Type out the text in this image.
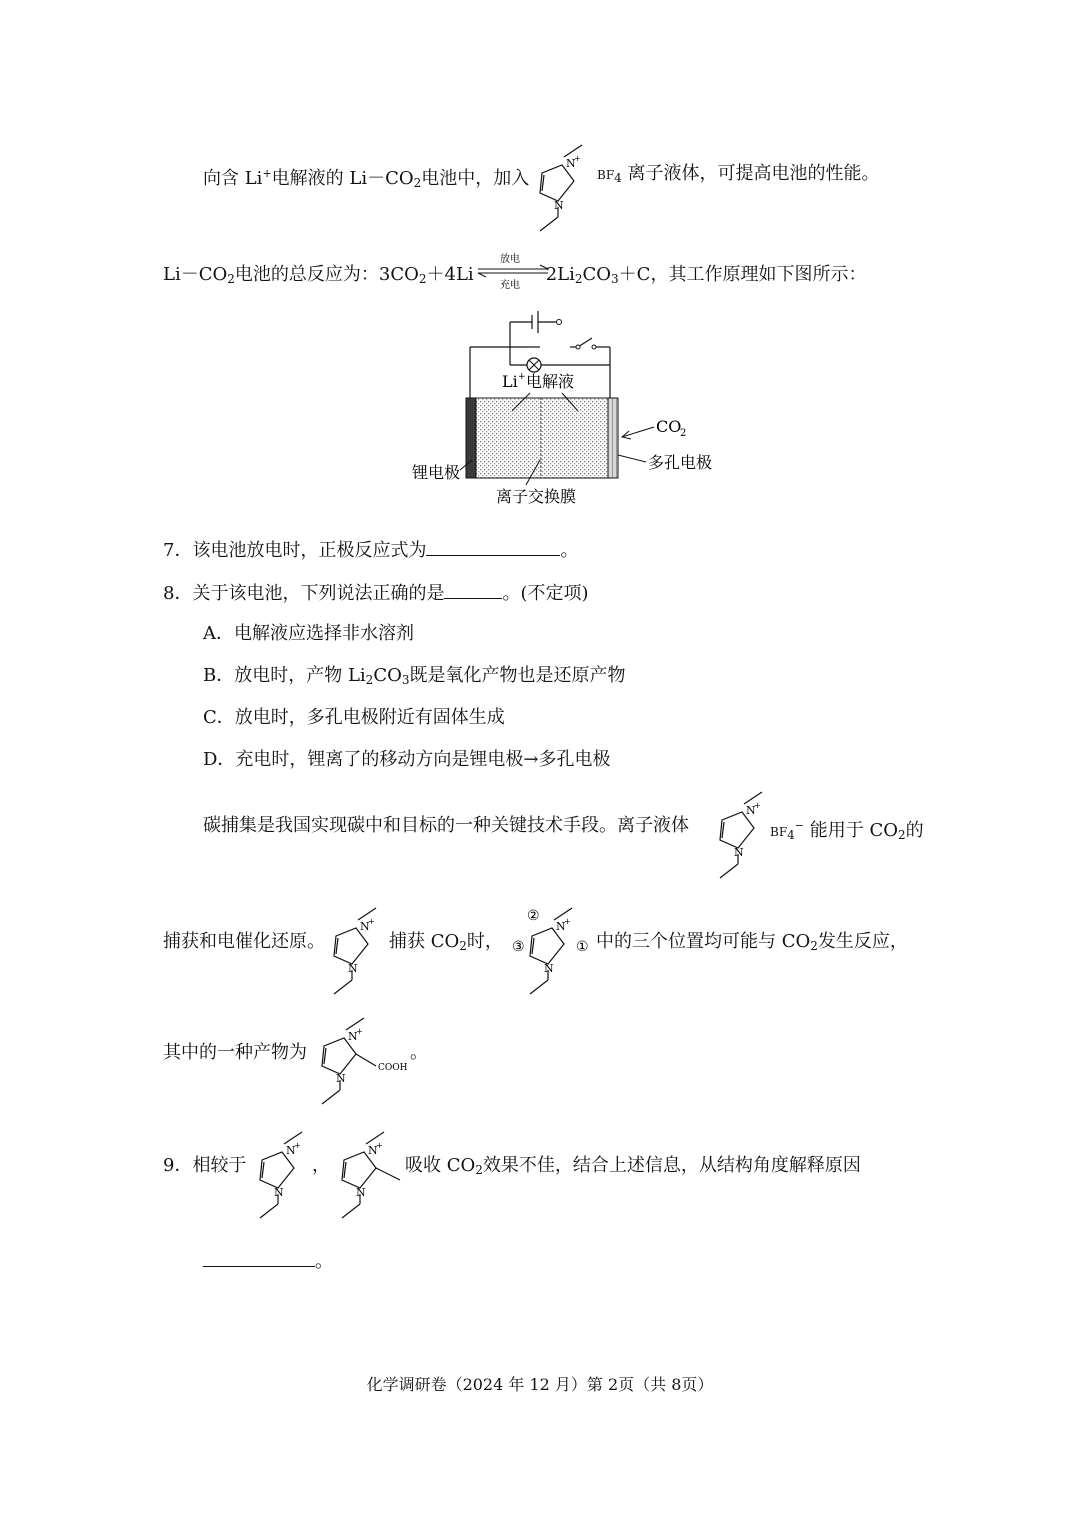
向含 Li+电解液的 $Li-CO_2$电池中，加入
N
+
N
$BF_4$ 离子液体，可提高电池的性能。
$Li-CO_2$电池的总反应为：$3CO_2+4Li$	$2Li_2CO_3+C$，其工作原理如下图所示：
放电
充电
Li + 电解液
CO
2
锂电极
多孔电极
离子交换膜
7．该电池放电时，正极反应式为	。
8．关于该电池，下列说法正确的是	。(不定项)
A．电解液应选择非水溶剂
B．放电时，产物 $Li_2CO_3$既是氧化产物也是还原产物
C．放电时，多孔电极附近有固体生成
D．充电时，锂离了的移动方向是锂电极→多孔电极
碳捕集是我国实现碳中和目标的一种关键技术手段。离子液体
N
+
N
$BF_4^-$ 能用于 $CO_2$的
捕获和电催化还原。
N
+
N
捕获 $CO_2$时，
N
+
N
②
③	① 中的三个位置均可能与 $CO_2$发生反应，
其中的一种产物为
N
+
N
COOH
。
9．相较于
N
+
N
，
N
+
N
吸收 $CO_2$效果不佳，结合上述信息，从结构角度解释原因
。
化学调研卷（2024 年 12 月）第 2页（共 8页）
